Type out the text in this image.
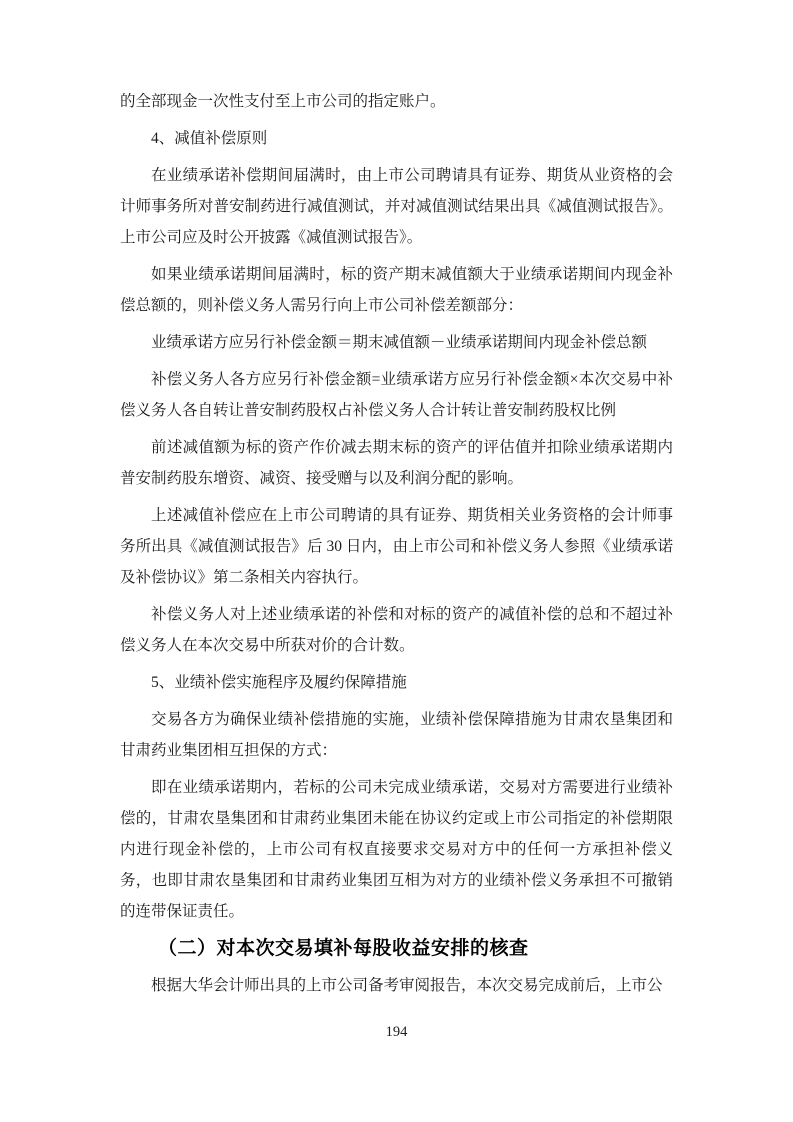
的全部现金一次性支付至上市公司的指定账户。

4、减值补偿原则

在业绩承诺补偿期间届满时，由上市公司聘请具有证券、期货从业资格的会计师事务所对普安制药进行减值测试，并对减值测试结果出具《减值测试报告》。上市公司应及时公开披露《减值测试报告》。

如果业绩承诺期间届满时，标的资产期末减值额大于业绩承诺期间内现金补偿总额的，则补偿义务人需另行向上市公司补偿差额部分：

业绩承诺方应另行补偿金额＝期末减值额－业绩承诺期间内现金补偿总额

补偿义务人各方应另行补偿金额=业绩承诺方应另行补偿金额×本次交易中补偿义务人各自转让普安制药股权占补偿义务人合计转让普安制药股权比例

前述减值额为标的资产作价减去期末标的资产的评估值并扣除业绩承诺期内普安制药股东增资、减资、接受赠与以及利润分配的影响。

上述减值补偿应在上市公司聘请的具有证券、期货相关业务资格的会计师事务所出具《减值测试报告》后 30 日内，由上市公司和补偿义务人参照《业绩承诺及补偿协议》第二条相关内容执行。

补偿义务人对上述业绩承诺的补偿和对标的资产的减值补偿的总和不超过补偿义务人在本次交易中所获对价的合计数。

5、业绩补偿实施程序及履约保障措施

交易各方为确保业绩补偿措施的实施，业绩补偿保障措施为甘肃农垦集团和甘肃药业集团相互担保的方式：

即在业绩承诺期内，若标的公司未完成业绩承诺，交易对方需要进行业绩补偿的，甘肃农垦集团和甘肃药业集团未能在协议约定或上市公司指定的补偿期限内进行现金补偿的，上市公司有权直接要求交易对方中的任何一方承担补偿义务，也即甘肃农垦集团和甘肃药业集团互相为对方的业绩补偿义务承担不可撤销的连带保证责任。

（二）对本次交易填补每股收益安排的核查

根据大华会计师出具的上市公司备考审阅报告，本次交易完成前后，上市公

194
